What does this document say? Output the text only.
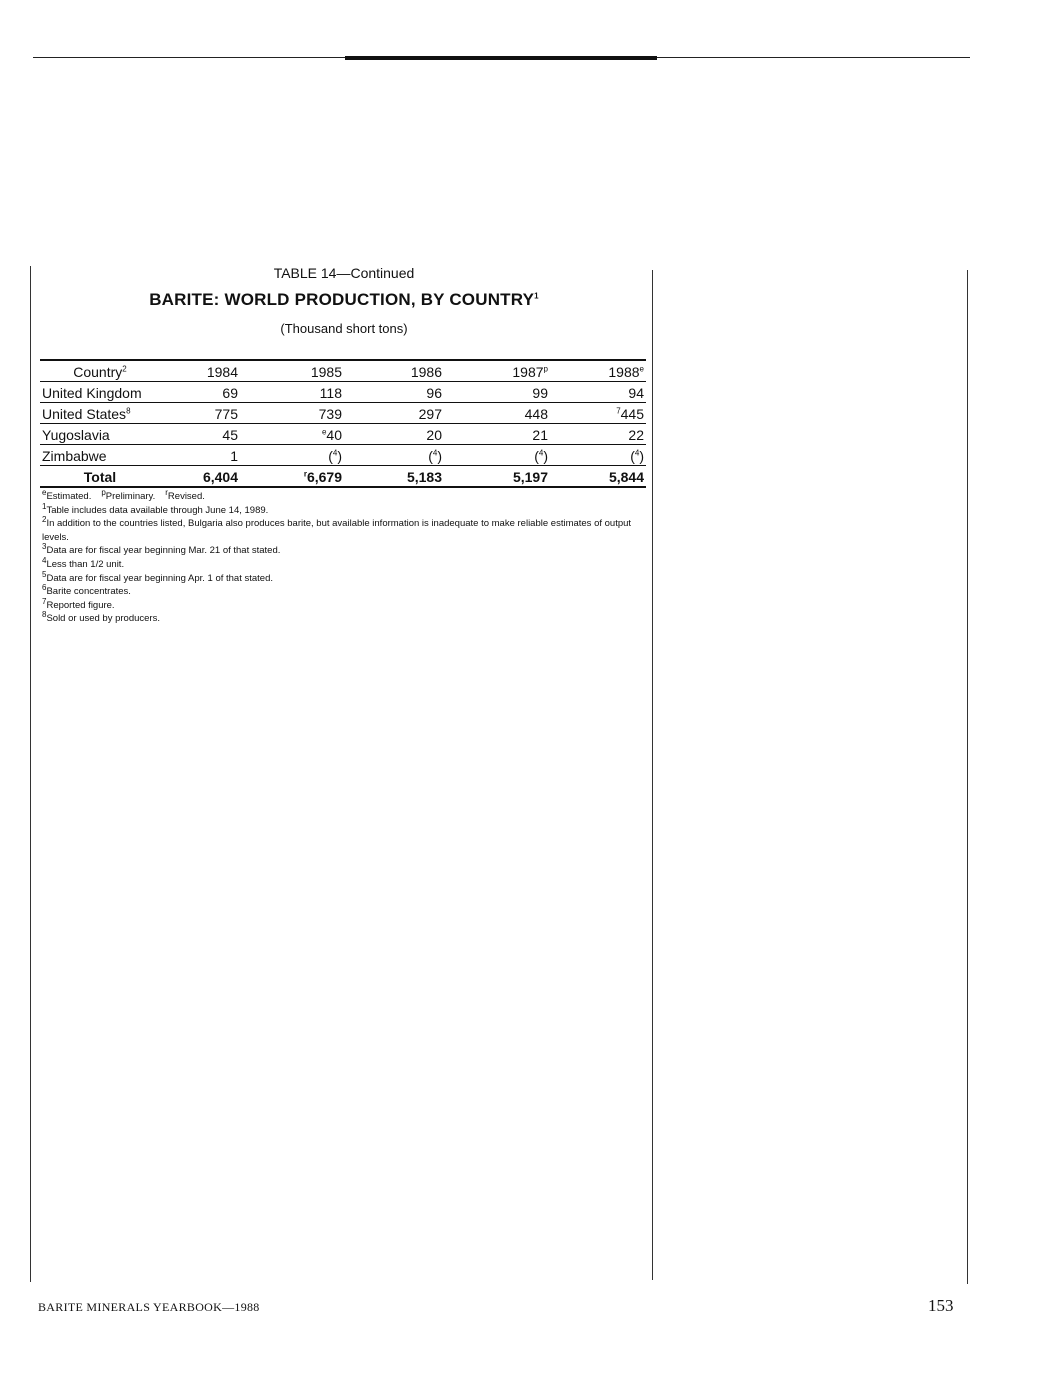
TABLE 14—Continued
BARITE: WORLD PRODUCTION, BY COUNTRY$^1$
(Thousand short tons)
Country$^2$	1984	1985	1986	1987$^p$	1988e
United Kingdom	69	118	96	99	94
United States$^8$	775	739	297	448	$^7$445
Yugoslavia	45	$^e$40	20	21	22
Zimbabwe	1	($^4$)	($^4$)	($^4$)	($^4$)
Total	6,404	$^r$6,679	5,183	5,197	5,844

$^e$Estimated. $^p$Preliminary. $^r$Revised.

$^1$Table includes data available through June 14, 1989.

$^2$In addition to the countries listed, Bulgaria also produces barite, but available information is inadequate to make reliable estimates of output levels.

$^3$Data are for fiscal year beginning Mar. 21 of that stated.

$^4$Less than 1/2 unit.

$^5$Data are for fiscal year beginning Apr. 1 of that stated.

$^6$Barite concentrates.

$^7$Reported figure.

$^8$Sold or used by producers.

BARITE MINERALS YEARBOOK—1988	153
